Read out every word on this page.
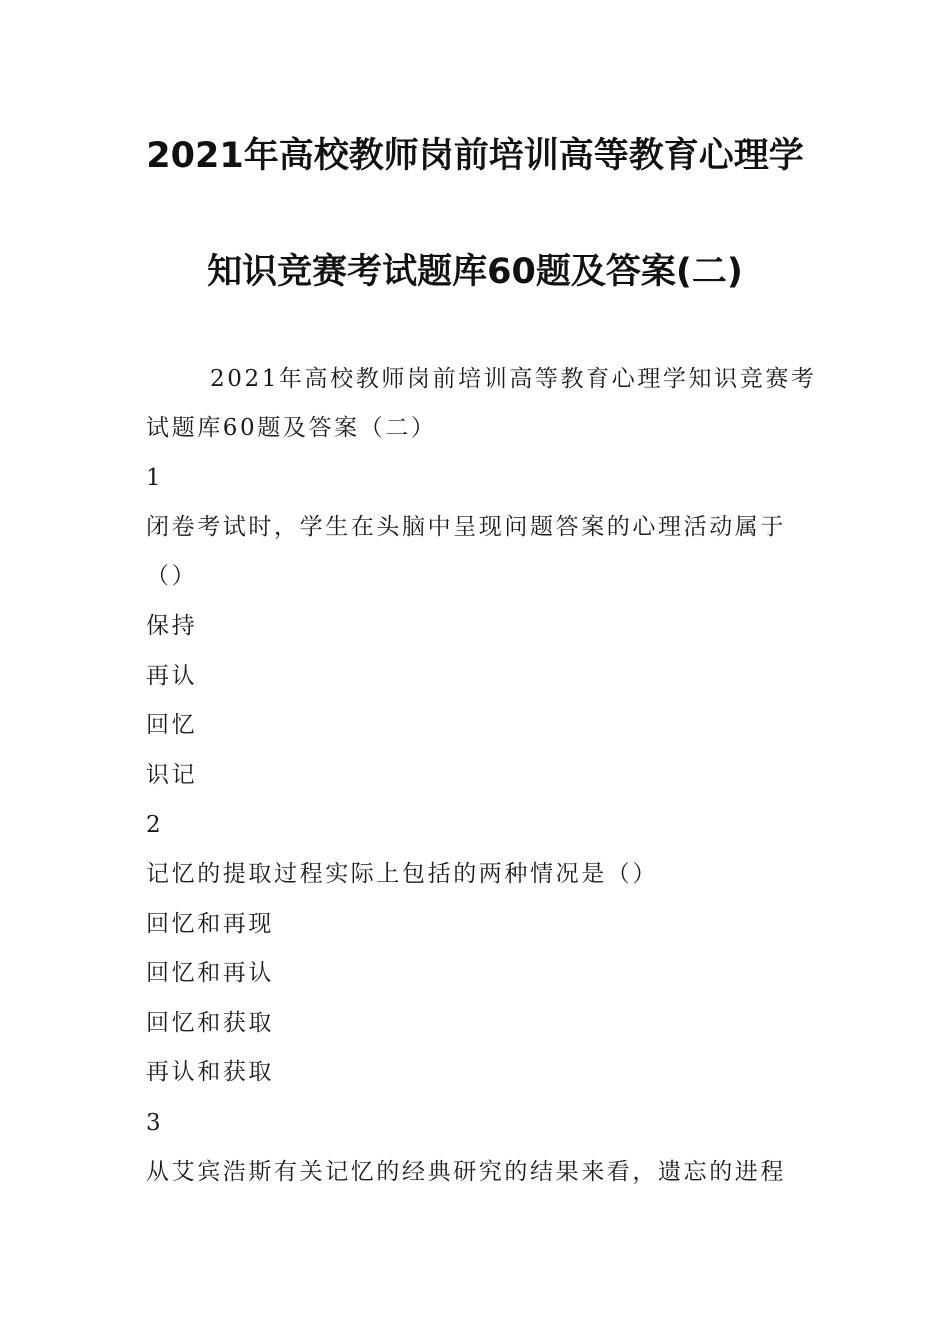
2021年高校教师岗前培训高等教育心理学
知识竞赛考试题库60题及答案(二)
2021年高校教师岗前培训高等教育心理学知识竞赛考
试题库60题及答案（二）
1
闭卷考试时，学生在头脑中呈现问题答案的心理活动属于
（）
保持
再认
回忆
识记
2
记忆的提取过程实际上包括的两种情况是（）
回忆和再现
回忆和再认
回忆和获取
再认和获取
3
从艾宾浩斯有关记忆的经典研究的结果来看，遗忘的进程
